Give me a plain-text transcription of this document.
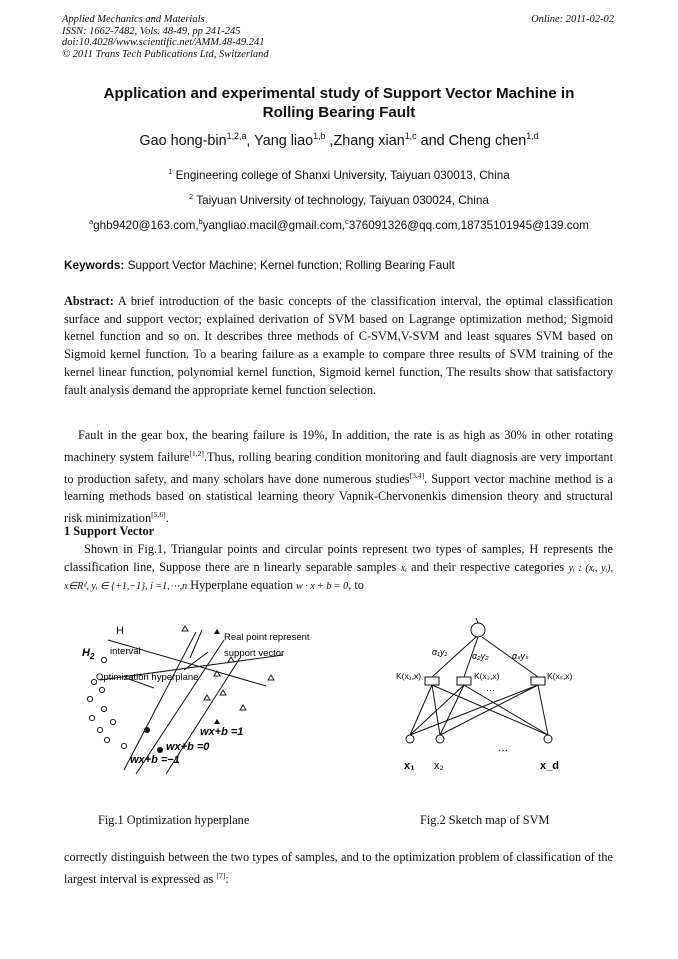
Applied Mechanics and Materials
ISSN: 1662-7482, Vols. 48-49, pp 241-245
doi:10.4028/www.scientific.net/AMM.48-49.241
© 2011 Trans Tech Publications Ltd, Switzerland
Online: 2011-02-02
Application and experimental study of Support Vector Machine in
Rolling Bearing Fault
Gao hong-bin$^{1,2,a}$, Yang liao$^{1,b}$ ,Zhang xian$^{1,c}$ and Cheng chen$^{1,d}$
$^1$ Engineering college of Shanxi University, Taiyuan 030013, China
$^2$ Taiyuan University of technology, Taiyuan 030024, China
$^a$ghb9420@163.com,$^b$yangliao.macil@gmail.com,$^c$376091326@qq.com,18735101945@139.com
Keywords: Support Vector Machine; Kernel function; Rolling Bearing Fault
Abstract: A brief introduction of the basic concepts of the classification interval, the optimal classification surface and support vector; explained derivation of SVM based on Lagrange optimization method; Sigmoid kernel function and so on. It describes three methods of C-SVM,V-SVM and least squares SVM based on Sigmoid kernel function. To a bearing failure as a example to compare three results of SVM training of the kernel linear function, polynomial kernel function, Sigmoid kernel function, The results show that satisfactory fault analysis demand the appropriate kernel function selection.
Fault in the gear box, the bearing failure is 19%, In addition, the rate is as high as 30% in other rotating machinery system failure[1,2].Thus, rolling bearing condition monitoring and fault diagnosis are very important to production safety, and many scholars have done numerous studies[3,4]. Support vector machine method is a learning methods based on statistical learning theory Vapnik-Chervonenkis dimension theory and structural risk minimization[5,6].
1 Support Vector
Shown in Fig.1, Triangular points and circular points represent two types of samples, H represents the classification line, Suppose there are n linearly separable samples xᵢ and their respective categories yᵢ : (xᵢ, yᵢ), x∈Rᵈ, yᵢ ∈ {+1,−1}, i =1,⋯,n Hyperplane equation w · x + b = 0, to
H
$H_2$ interval
Real point represent
support vector
Optimization hyperplane
wx+b =1
wx+b =0
wx+b =−1
α₁y₁	α₂y₂	αₛyₛ
K(x₁,x)	K(x₂,x)	K(xₛ,x)
···
···
x₁ x₂	x_d
Fig.1 Optimization hyperplane	Fig.2 Sketch map of SVM
correctly distinguish between the two types of samples, and to the optimization problem of classification of the largest interval is expressed as [7]:
